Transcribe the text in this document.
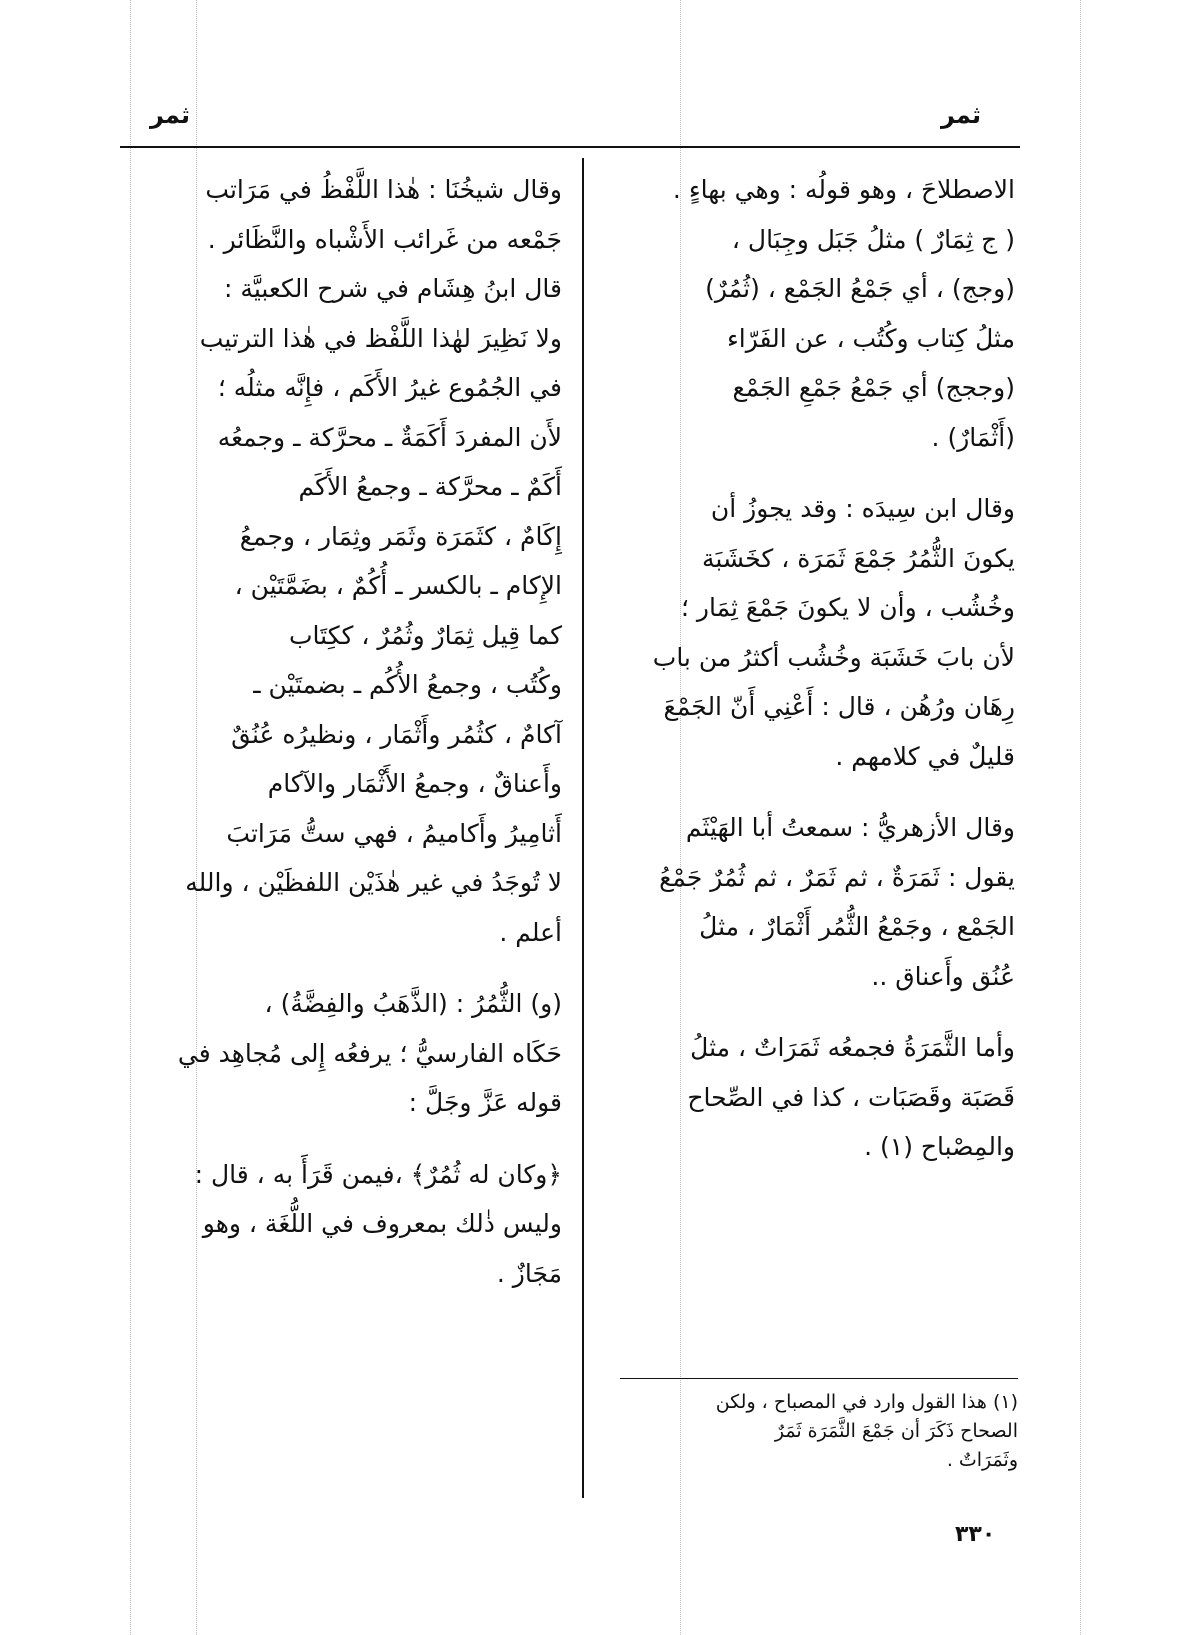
ثمر
ثمر

الاصطلاحَ ، وهو قولُه : وهي بهاءٍ .

( ج ثِمَارٌ ) مثلُ جَبَل وجِبَال ،

(وجج) ، أي جَمْعُ الجَمْع ، (ثُمُرٌ)

مثلُ كِتاب وكُتُب ، عن الفَرّاء

(وججج) أي جَمْعُ جَمْعِ الجَمْع

(أَثْمَارٌ) .

وقال ابن سِيدَه : وقد يجوزُ أن

يكونَ الثُّمُرُ جَمْعَ ثَمَرَة ، كخَشَبَة

وخُشُب ، وأن لا يكونَ جَمْعَ ثِمَار ؛

لأن بابَ خَشَبَة وخُشُب أكثرُ من باب

رِهَان ورُهُن ، قال : أَعْنِي أَنّ الجَمْعَ

قليلٌ في كلامهم .

وقال الأزهريُّ : سمعتُ أبا الهَيْثَم

يقول : ثَمَرَةٌ ، ثم ثَمَرٌ ، ثم ثُمُرٌ جَمْعُ

الجَمْع ، وجَمْعُ الثُّمُر أَثْمَارٌ ، مثلُ

عُنُق وأَعناق ..

وأما الثَّمَرَةُ فجمعُه ثَمَرَاتٌ ، مثلُ

قَصَبَة وقَصَبَات ، كذا في الصِّحاح

والمِصْباح (١) .

وقال شيخُنَا : هٰذا اللَّفْظُ في مَرَاتب

جَمْعه من غَرائب الأَشْباه والنَّظَائر .

قال ابنُ هِشَام في شرح الكعبيَّة :

ولا نَظِيرَ لهٰذا اللَّفْظ في هٰذا الترتيب

في الجُمُوع غيرُ الأَكَم ، فإِنَّه مثلُه ؛

لأَن المفردَ أَكَمَةٌ ـ محرَّكة ـ وجمعُه

أَكَمٌ ـ محرَّكة ـ وجمعُ الأَكَم

إِكَامٌ ، كثَمَرَة وثَمَر وثِمَار ، وجمعُ

الإِكام ـ بالكسر ـ أُكُمٌ ، بضَمَّتَيْن ،

كما قِيل ثِمَارٌ وثُمُرٌ ، ككِتَاب

وكُتُب ، وجمعُ الأُكُم ـ بضمتَيْن ـ

آكامٌ ، كثُمُر وأَثْمَار ، ونظيرُه عُنُقٌ

وأَعناقٌ ، وجمعُ الأَثْمَار والآكام

أَثامِيرُ وأَكاميمُ ، فهي ستُّ مَرَاتبَ

لا تُوجَدُ في غير هٰذَيْن اللفظَيْن ، والله

أعلم .

(و) الثُّمُرُ : (الذَّهَبُ والفِضَّةُ) ،

حَكَاه الفارسيُّ ؛ يرفعُه إِلى مُجاهِد في

قوله عَزَّ وجَلَّ :

﴿وكان له ثُمُرٌ﴾ ،فيمن قَرَأَ به ، قال :

وليس ذٰلك بمعروف في اللُّغَة ، وهو

مَجَازٌ .

(١) هذا القول وارد في المصباح ، ولكن
الصحاح ذَكَرَ أن جَمْعَ الثَّمَرَة ثَمَرٌ
وثَمَرَاتٌ .
٣٣٠
